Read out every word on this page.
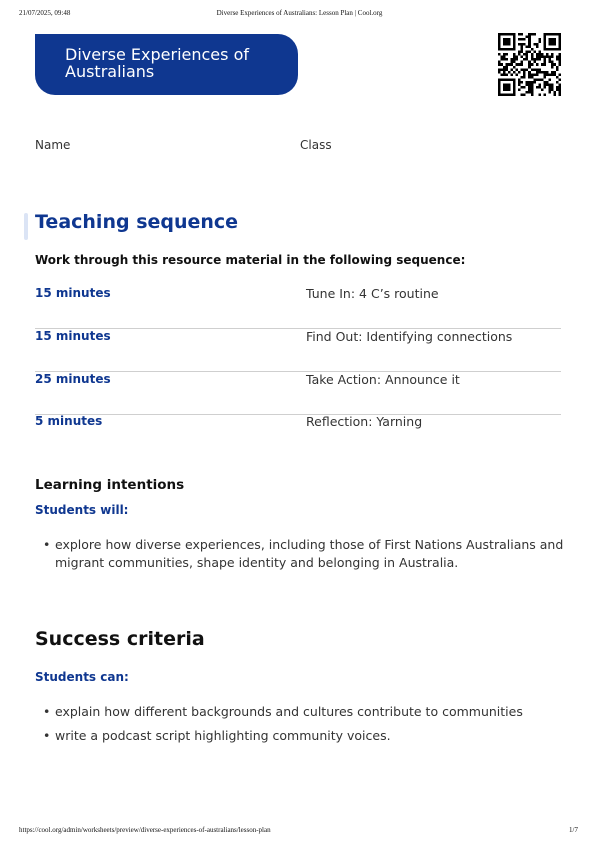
21/07/2025, 09:48	Diverse Experiences of Australians: Lesson Plan | Cool.org
Diverse Experiences of
Australians
Name	Class
Teaching sequence
Work through this resource material in the following sequence:
15 minutes	Tune In: 4 C’s routine
15 minutes	Find Out: Identifying connections
25 minutes	Take Action: Announce it
5 minutes	Reflection: Yarning
Learning intentions
Students will:
• explore how diverse experiences, including those of First Nations Australians and
migrant communities, shape identity and belonging in Australia.
Success criteria
Students can:
• explain how different backgrounds and cultures contribute to communities
• write a podcast script highlighting community voices.
https://cool.org/admin/worksheets/preview/diverse-experiences-of-australians/lesson-plan	1/7
